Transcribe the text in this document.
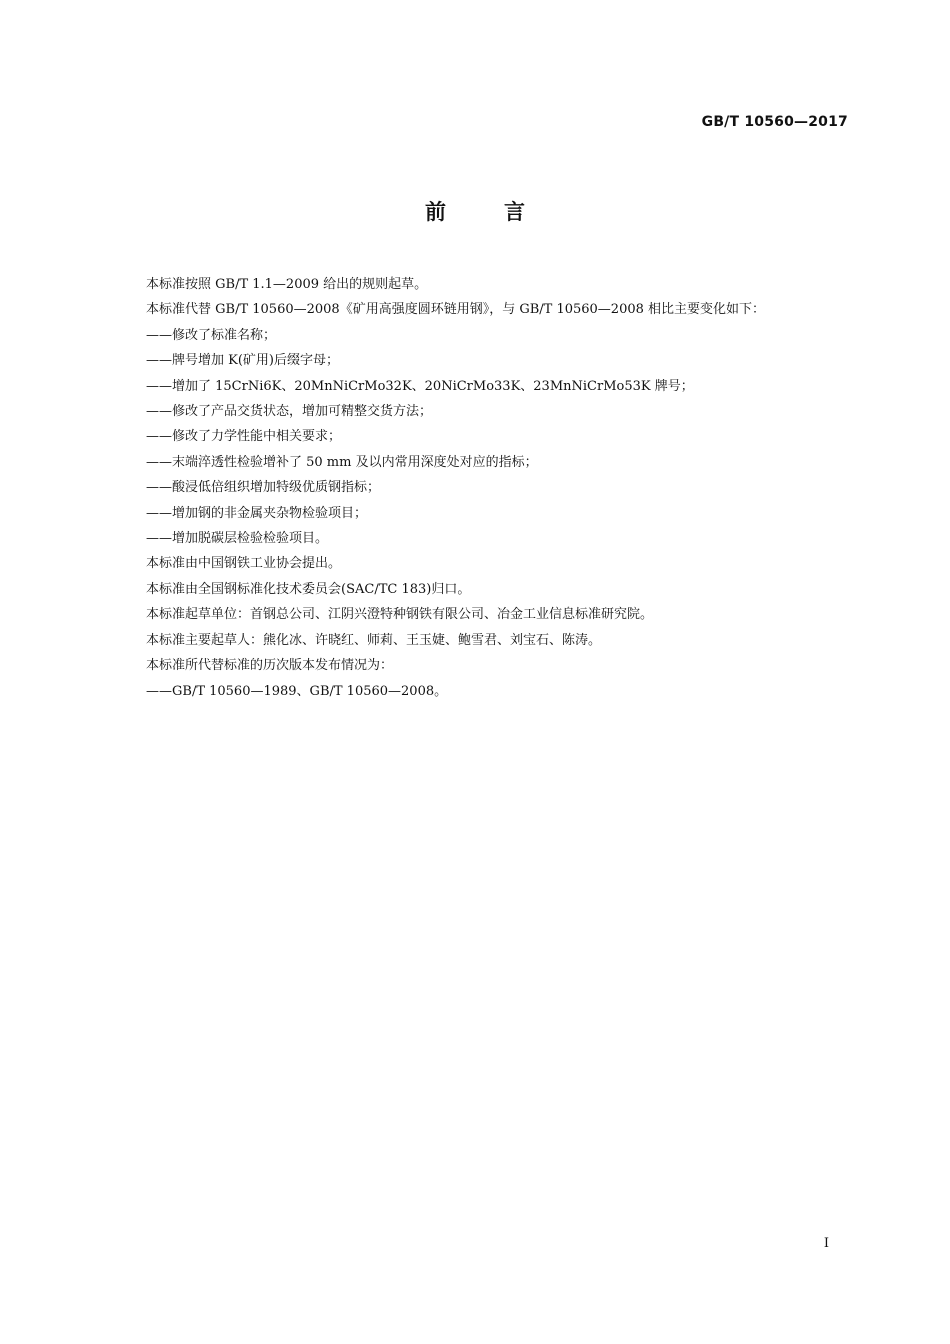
GB/T 10560—2017
前言

本标准按照 GB/T 1.1—2009 给出的规则起草。

本标准代替 GB/T 10560—2008《矿用高强度圆环链用钢》，与 GB/T 10560—2008 相比主要变化如下：

——修改了标准名称；
——牌号增加 K(矿用)后缀字母；
——增加了 15CrNi6K、20MnNiCrMo32K、20NiCrMo33K、23MnNiCrMo53K 牌号；
——修改了产品交货状态，增加可精整交货方法；
——修改了力学性能中相关要求；
——末端淬透性检验增补了 50 mm 及以内常用深度处对应的指标；
——酸浸低倍组织增加特级优质钢指标；
——增加钢的非金属夹杂物检验项目；
——增加脱碳层检验检验项目。

本标准由中国钢铁工业协会提出。

本标准由全国钢标准化技术委员会(SAC/TC 183)归口。

本标准起草单位：首钢总公司、江阴兴澄特种钢铁有限公司、冶金工业信息标准研究院。

本标准主要起草人：熊化冰、许晓红、师莉、王玉婕、鲍雪君、刘宝石、陈涛。

本标准所代替标准的历次版本发布情况为：

——GB/T 10560—1989、GB/T 10560—2008。
I
